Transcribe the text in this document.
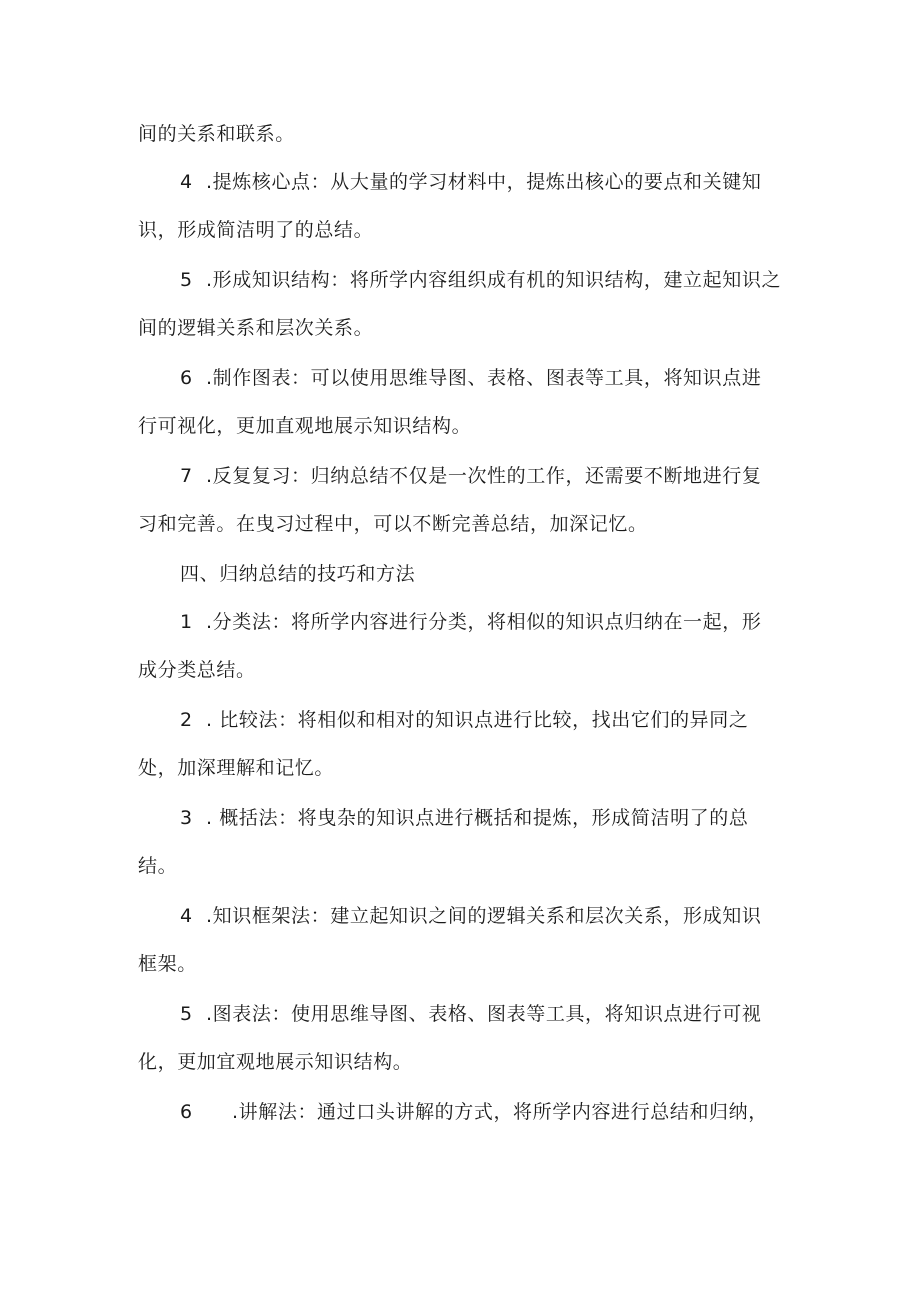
间的关系和联系。
4 .提炼核心点：从大量的学习材料中，提炼出核心的要点和关键知
识，形成简洁明了的总结。
5 .形成知识结构：将所学内容组织成有机的知识结构，建立起知识之
间的逻辑关系和层次关系。
6 .制作图表：可以使用思维导图、表格、图表等工具，将知识点进
行可视化，更加直观地展示知识结构。
7 .反复复习：归纳总结不仅是一次性的工作，还需要不断地进行复
习和完善。在曳习过程中，可以不断完善总结，加深记忆。
四、归纳总结的技巧和方法
1 .分类法：将所学内容进行分类，将相似的知识点归纳在一起，形
成分类总结。
2 . 比较法：将相似和相对的知识点进行比较，找出它们的异同之
处，加深理解和记忆。
3 . 概括法：将曳杂的知识点进行概括和提炼，形成简洁明了的总
结。
4 .知识框架法：建立起知识之间的逻辑关系和层次关系，形成知识
框架。
5 .图表法：使用思维导图、表格、图表等工具，将知识点进行可视
化，更加宜观地展示知识结构。
6 .讲解法：通过口头讲解的方式，将所学内容进行总结和归纳，
